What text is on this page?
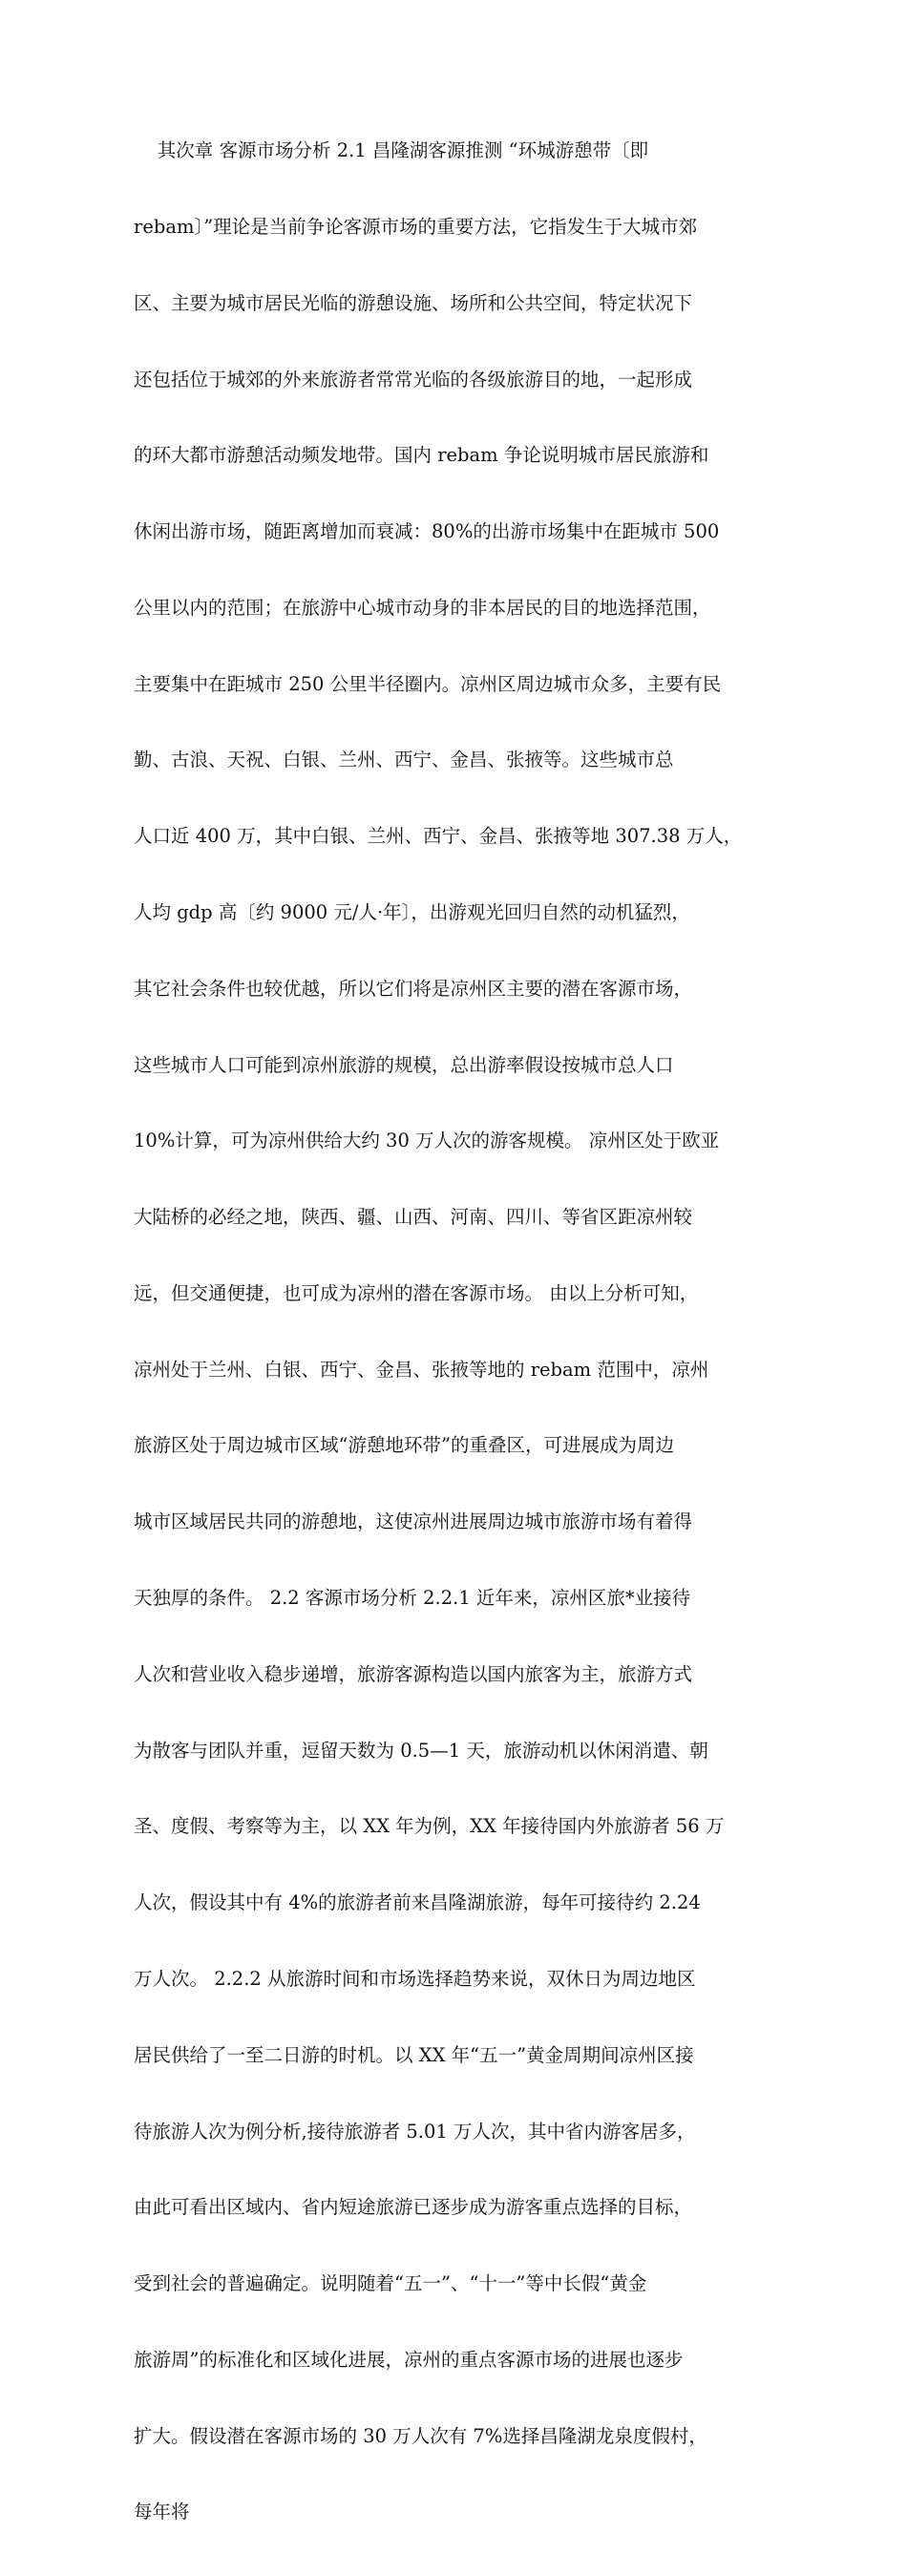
其次章 客源市场分析 2.1 昌隆湖客源推测 “环城游憩带〔即

rebam〕”理论是当前争论客源市场的重要方法，它指发生于大城市郊

区、主要为城市居民光临的游憩设施、场所和公共空间，特定状况下

还包括位于城郊的外来旅游者常常光临的各级旅游目的地，一起形成

的环大都市游憩活动频发地带。国内 rebam 争论说明城市居民旅游和

休闲出游市场，随距离增加而衰减：80%的出游市场集中在距城市 500

公里以内的范围；在旅游中心城市动身的非本居民的目的地选择范围，

主要集中在距城市 250 公里半径圈内。凉州区周边城市众多，主要有民

勤、古浪、天祝、白银、兰州、西宁、金昌、张掖等。这些城市总

人口近 400 万，其中白银、兰州、西宁、金昌、张掖等地 307.38 万人，

人均 gdp 高〔约 9000 元/人·年〕，出游观光回归自然的动机猛烈，

其它社会条件也较优越，所以它们将是凉州区主要的潜在客源市场，

这些城市人口可能到凉州旅游的规模，总出游率假设按城市总人口

10%计算，可为凉州供给大约 30 万人次的游客规模。 凉州区处于欧亚

大陆桥的必经之地，陕西、疆、山西、河南、四川、等省区距凉州较

远，但交通便捷，也可成为凉州的潜在客源市场。 由以上分析可知，

凉州处于兰州、白银、西宁、金昌、张掖等地的 rebam 范围中，凉州

旅游区处于周边城市区域“游憩地环带”的重叠区，可进展成为周边

城市区域居民共同的游憩地，这使凉州进展周边城市旅游市场有着得

天独厚的条件。 2.2 客源市场分析 2.2.1 近年来，凉州区旅*业接待

人次和营业收入稳步递增，旅游客源构造以国内旅客为主，旅游方式

为散客与团队并重，逗留天数为 0.5—1 天，旅游动机以休闲消遣、朝

圣、度假、考察等为主，以 XX 年为例，XX 年接待国内外旅游者 56 万

人次，假设其中有 4%的旅游者前来昌隆湖旅游，每年可接待约 2.24

万人次。 2.2.2 从旅游时间和市场选择趋势来说，双休日为周边地区

居民供给了一至二日游的时机。以 XX 年“五一”黄金周期间凉州区接

待旅游人次为例分析,接待旅游者 5.01 万人次，其中省内游客居多，

由此可看出区域内、省内短途旅游已逐步成为游客重点选择的目标，

受到社会的普遍确定。说明随着“五一”、“十一”等中长假“黄金

旅游周”的标准化和区域化进展，凉州的重点客源市场的进展也逐步

扩大。假设潜在客源市场的 30 万人次有 7%选择昌隆湖龙泉度假村，

每年将
